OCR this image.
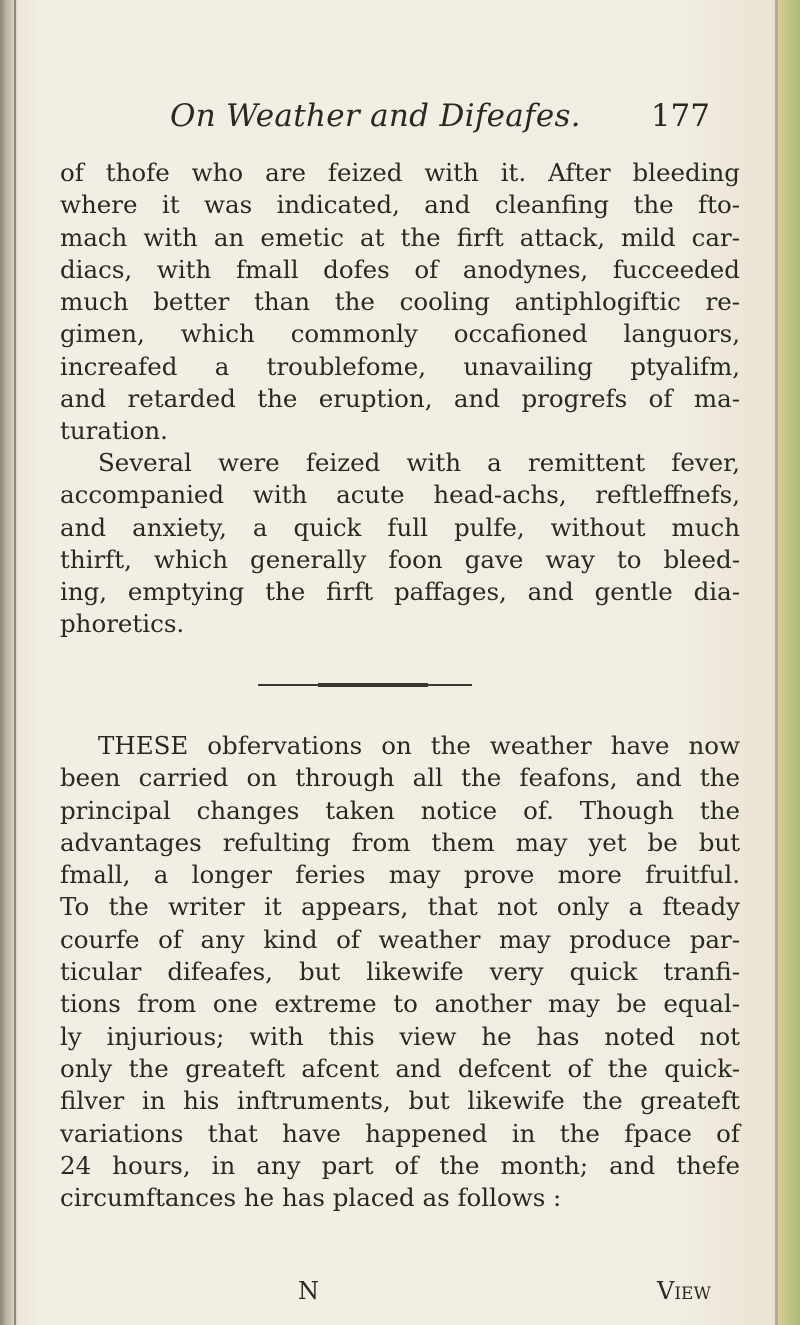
On Weather and Difeafes. 177
of thofe who are feized with it. After bleeding
where it was indicated, and cleanfing the fto-
mach with an emetic at the firft attack, mild car-
diacs, with fmall dofes of anodynes, fucceeded
much better than the cooling antiphlogiftic re-
gimen, which commonly occafioned languors,
increafed a troublefome, unavailing ptyalifm,
and retarded the eruption, and progrefs of ma-
turation.
Several were feized with a remittent fever,
accompanied with acute head-achs, reftleffnefs,
and anxiety, a quick full pulfe, without much
thirft, which generally foon gave way to bleed-
ing, emptying the firft paffages, and gentle dia-
phoretics.
THESE obfervations on the weather have now
been carried on through all the feafons, and the
principal changes taken notice of. Though the
advantages refulting from them may yet be but
fmall, a longer feries may prove more fruitful.
To the writer it appears, that not only a fteady
courfe of any kind of weather may produce par-
ticular difeafes, but likewife very quick tranfi-
tions from one extreme to another may be equal-
ly injurious; with this view he has noted not
only the greateft afcent and defcent of the quick-
filver in his inftruments, but likewife the greateft
variations that have happened in the fpace of
24 hours, in any part of the month; and thefe
circumftances he has placed as follows :
N	View
